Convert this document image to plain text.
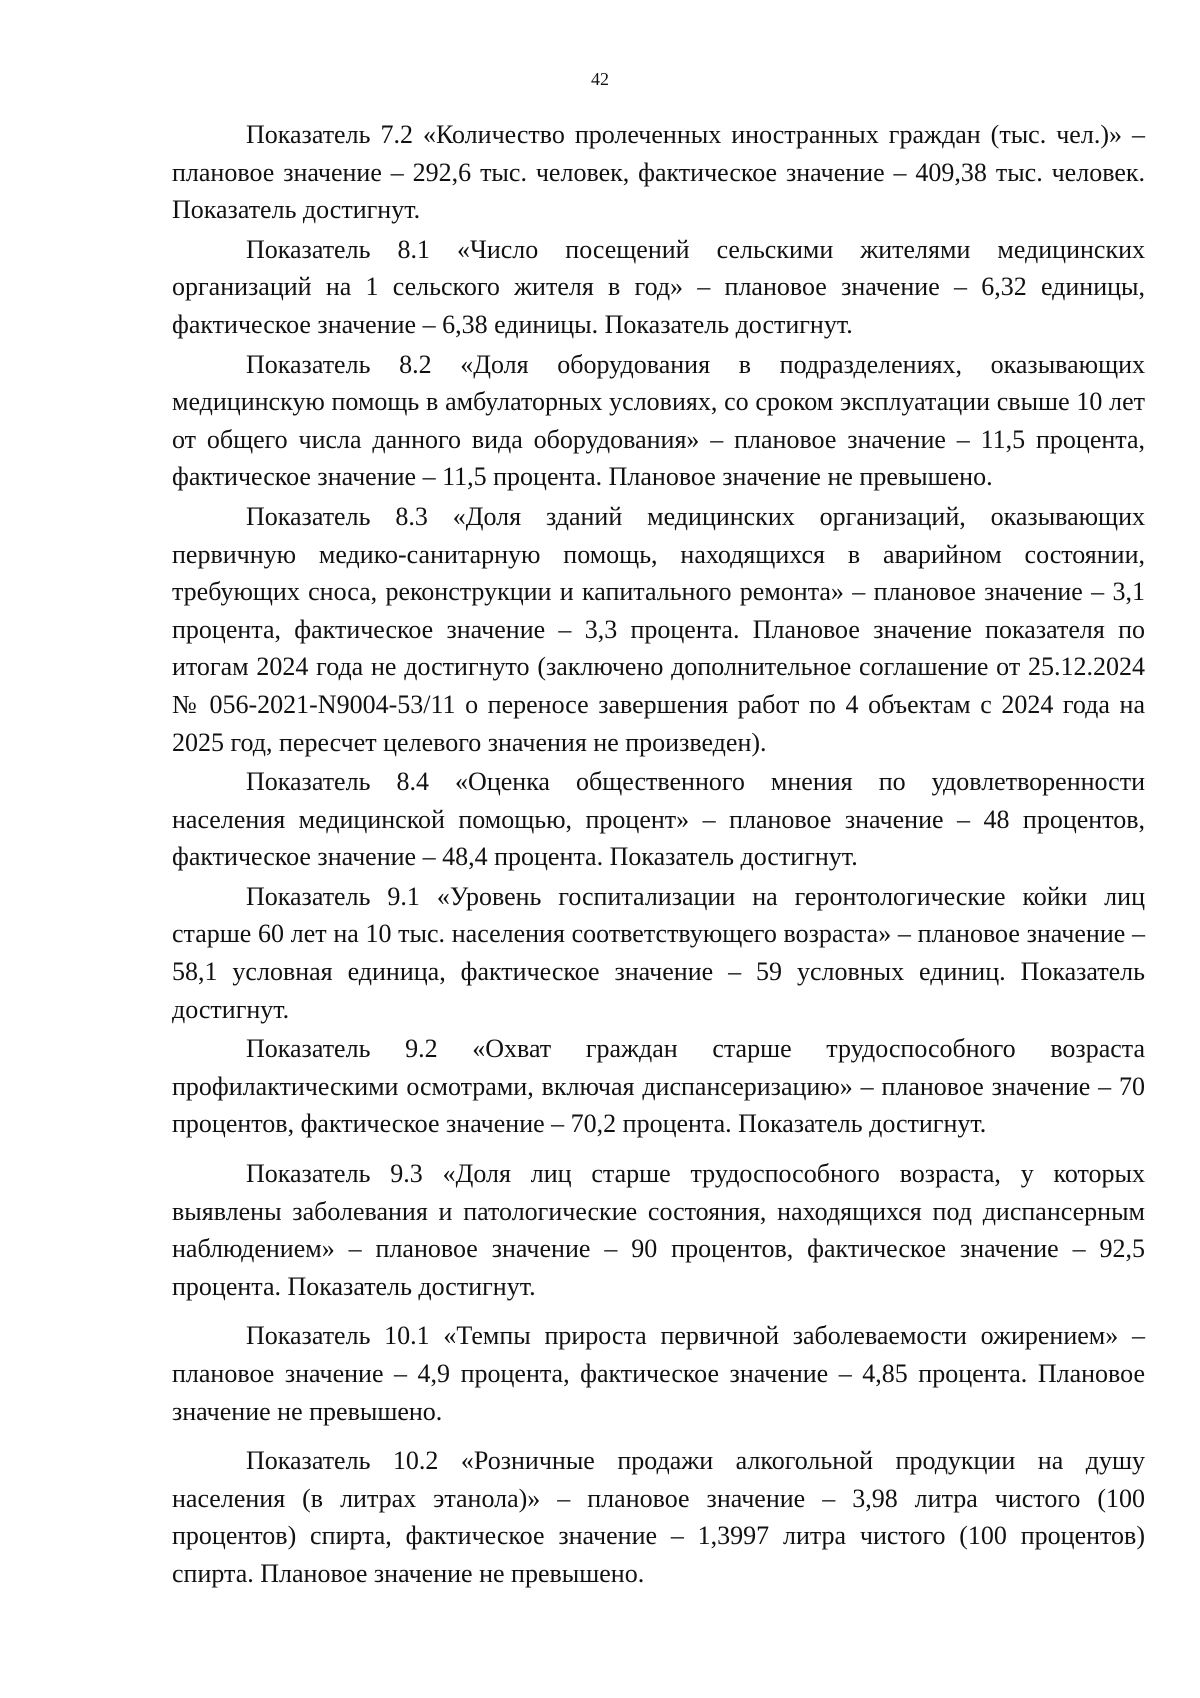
42

Показатель 7.2 «Количество пролеченных иностранных граждан (тыс. чел.)» – плановое значение – 292,6 тыс. человек, фактическое значение – 409,38 тыс. человек. Показатель достигнут.

Показатель 8.1 «Число посещений сельскими жителями медицинских организаций на 1 сельского жителя в год» – плановое значение – 6,32 единицы, фактическое значение – 6,38 единицы. Показатель достигнут.

Показатель 8.2 «Доля оборудования в подразделениях, оказывающих медицинскую помощь в амбулаторных условиях, со сроком эксплуатации свыше 10 лет от общего числа данного вида оборудования» – плановое значение – 11,5 процента, фактическое значение – 11,5 процента. Плановое значение не превышено.

Показатель 8.3 «Доля зданий медицинских организаций, оказывающих первичную медико-санитарную помощь, находящихся в аварийном состоянии, требующих сноса, реконструкции и капитального ремонта» – плановое значение – 3,1 процента, фактическое значение – 3,3 процента. Плановое значение показателя по итогам 2024 года не достигнуто (заключено дополнительное соглашение от 25.12.2024 № 056-2021-N9004-53/11 о переносе завершения работ по 4 объектам с 2024 года на 2025 год, пересчет целевого значения не произведен).

Показатель 8.4 «Оценка общественного мнения по удовлетворенности населения медицинской помощью, процент» – плановое значение – 48 процентов, фактическое значение – 48,4 процента. Показатель достигнут.

Показатель 9.1 «Уровень госпитализации на геронтологические койки лиц старше 60 лет на 10 тыс. населения соответствующего возраста» – плановое значение – 58,1 условная единица, фактическое значение – 59 условных единиц. Показатель достигнут.

Показатель 9.2 «Охват граждан старше трудоспособного возраста профилактическими осмотрами, включая диспансеризацию» – плановое значение – 70 процентов, фактическое значение – 70,2 процента. Показатель достигнут.

Показатель 9.3 «Доля лиц старше трудоспособного возраста, у которых выявлены заболевания и патологические состояния, находящихся под диспансерным наблюдением» – плановое значение – 90 процентов, фактическое значение – 92,5 процента. Показатель достигнут.

Показатель 10.1 «Темпы прироста первичной заболеваемости ожирением» – плановое значение – 4,9 процента, фактическое значение – 4,85 процента. Плановое значение не превышено.

Показатель 10.2 «Розничные продажи алкогольной продукции на душу населения (в литрах этанола)» – плановое значение – 3,98 литра чистого (100 процентов) спирта, фактическое значение – 1,3997 литра чистого (100 процентов) спирта. Плановое значение не превышено.
